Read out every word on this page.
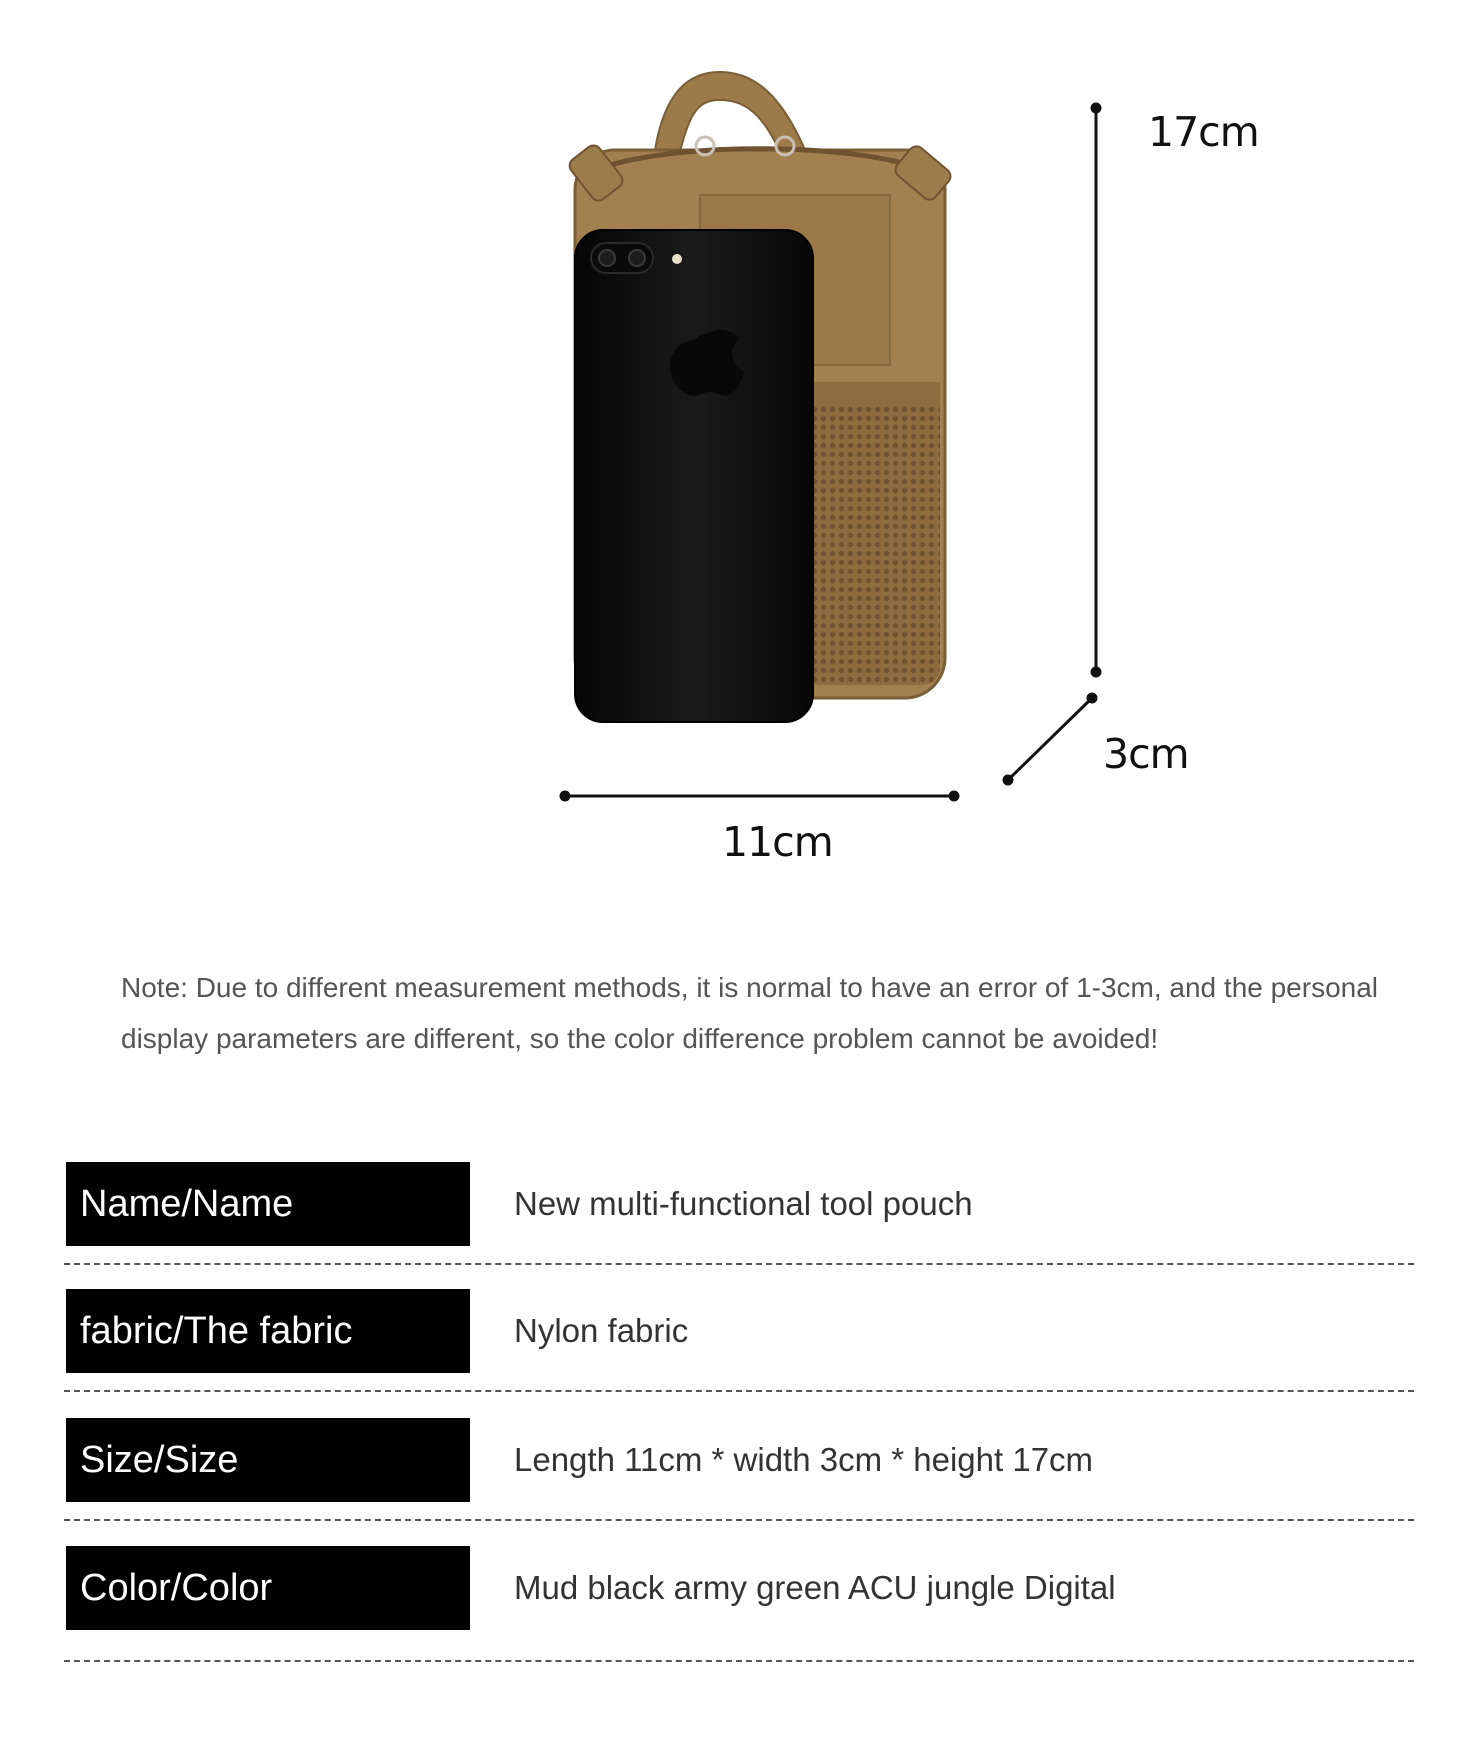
17cm
3cm
11cm
Note: Due to different measurement methods, it is normal to have an error of 1-3cm, and the personal display parameters are different, so the color difference problem cannot be avoided!
Name/Name	New multi-functional tool pouch
fabric/The fabric	Nylon fabric
Size/Size	Length 11cm * width 3cm * height 17cm
Color/Color	Mud black army green ACU jungle Digital
